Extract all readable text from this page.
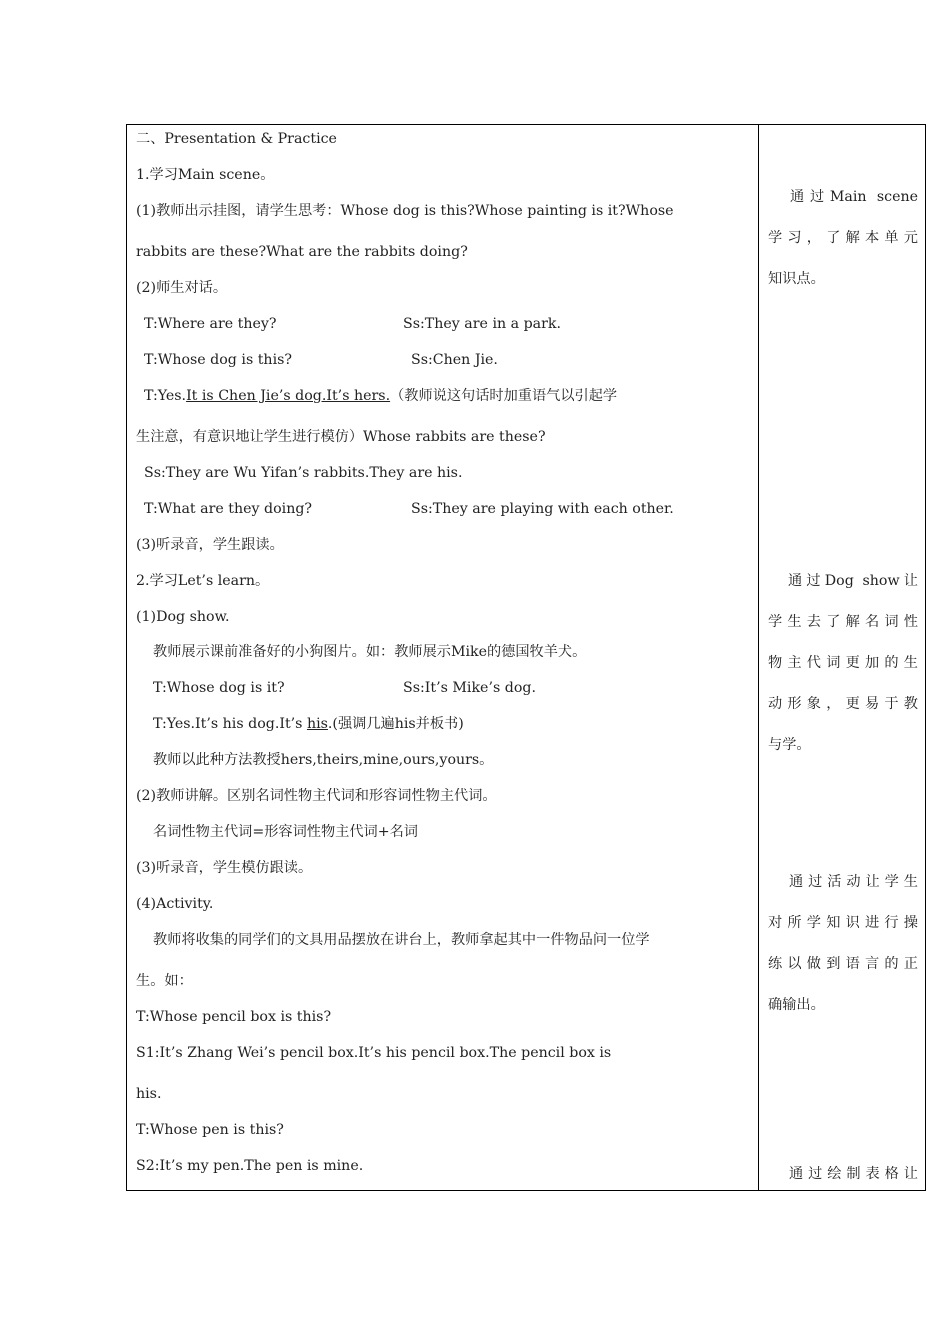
二、Presentation & Practice
1.学习Main scene。
(1)教师出示挂图，请学生思考：Whose dog is this?Whose painting is it?Whose
rabbits are these?What are the rabbits doing?
(2)师生对话。
T:Where are they?	Ss:They are in a park.
T:Whose dog is this?	Ss:Chen Jie.
T:Yes.It is Chen Jie’s dog.It’s hers.（教师说这句话时加重语气以引起学
生注意，有意识地让学生进行模仿）Whose rabbits are these?
Ss:They are Wu Yifan’s rabbits.They are his.
T:What are they doing?	Ss:They are playing with each other.
(3)听录音，学生跟读。
2.学习Let’s learn。
(1)Dog show.
教师展示课前准备好的小狗图片。如：教师展示Mike的德国牧羊犬。
T:Whose dog is it?	Ss:It’s Mike’s dog.
T:Yes.It’s his dog.It’s his.(强调几遍his并板书)
教师以此种方法教授hers,theirs,mine,ours,yours。
(2)教师讲解。区别名词性物主代词和形容词性物主代词。
名词性物主代词=形容词性物主代词+名词
(3)听录音，学生模仿跟读。
(4)Activity.
教师将收集的同学们的文具用品摆放在讲台上，教师拿起其中一件物品问一位学
生。如：
T:Whose pencil box is this?
S1:It’s Zhang Wei’s pencil box.It’s his pencil box.The pencil box is
his.
T:Whose pen is this?
S2:It’s my pen.The pen is mine.

通过Main scene
学习，了解本单元
知识点。
通过Dog show让
学生去了解名词性
物主代词更加的生
动形象，更易于教
与学。
通过活动让学生
对所学知识进行操
练以做到语言的正
确输出。
通过绘制表格让
